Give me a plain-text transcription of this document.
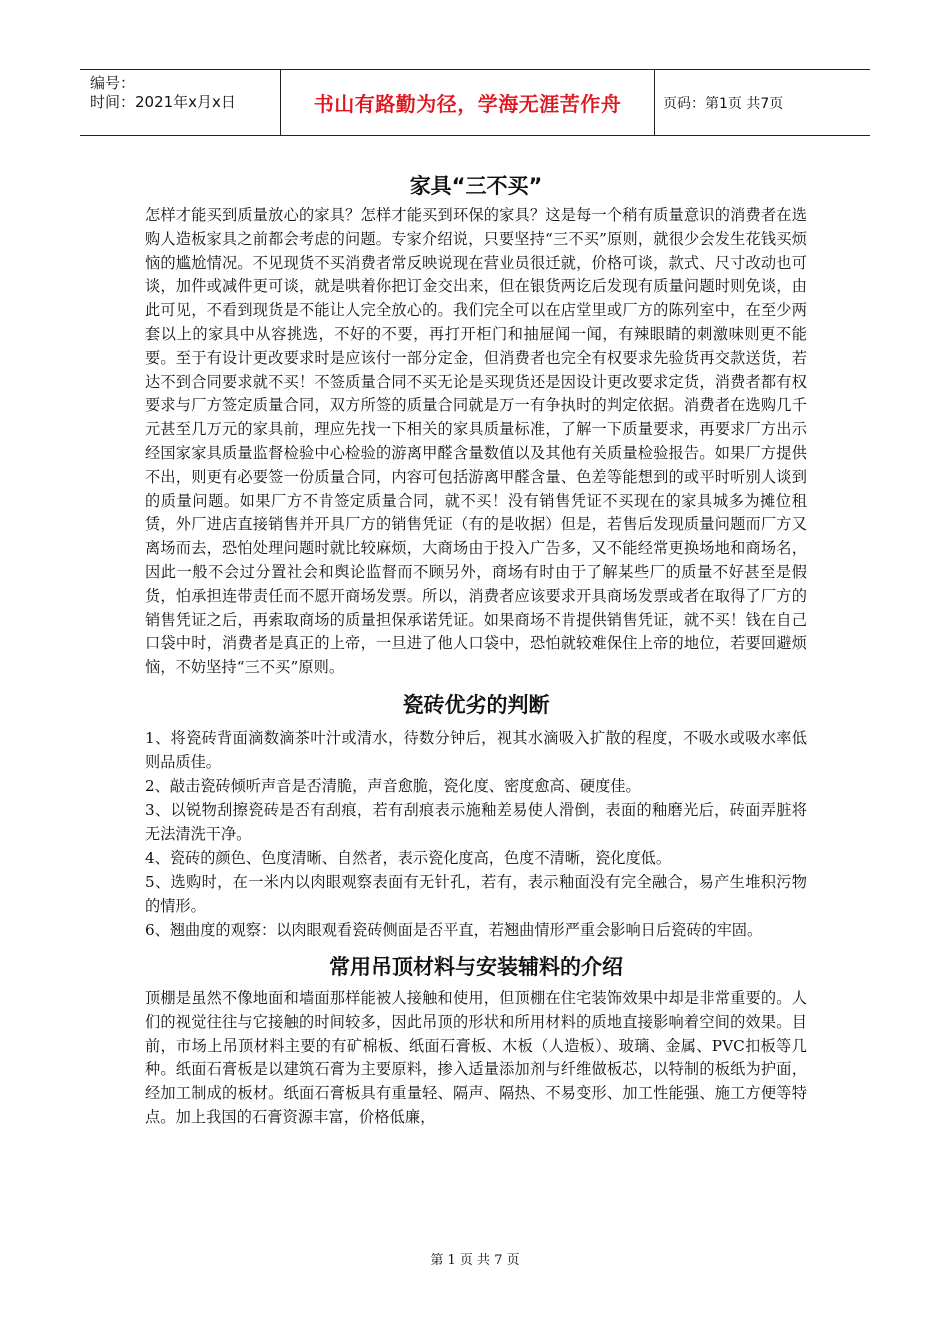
编号：
时间：2021年x月x日	书山有路勤为径，学海无涯苦作舟	页码：第1页 共7页
家具“三不买”

怎样才能买到质量放心的家具？怎样才能买到环保的家具？这是每一个稍有质量意识的消费者在选购人造板家具之前都会考虑的问题。专家介绍说，只要坚持“三不买”原则，就很少会发生花钱买烦恼的尴尬情况。不见现货不买消费者常反映说现在营业员很迁就，价格可谈，款式、尺寸改动也可谈，加件或减件更可谈，就是哄着你把订金交出来，但在银货两讫后发现有质量问题时则免谈，由此可见，不看到现货是不能让人完全放心的。我们完全可以在店堂里或厂方的陈列室中，在至少两套以上的家具中从容挑选，不好的不要，再打开柜门和抽屉闻一闻，有辣眼睛的刺激味则更不能要。至于有设计更改要求时是应该付一部分定金，但消费者也完全有权要求先验货再交款送货，若达不到合同要求就不买！不签质量合同不买无论是买现货还是因设计更改要求定货，消费者都有权要求与厂方签定质量合同，双方所签的质量合同就是万一有争执时的判定依据。消费者在选购几千元甚至几万元的家具前，理应先找一下相关的家具质量标准，了解一下质量要求，再要求厂方出示经国家家具质量监督检验中心检验的游离甲醛含量数值以及其他有关质量检验报告。如果厂方提供不出，则更有必要签一份质量合同，内容可包括游离甲醛含量、色差等能想到的或平时听别人谈到的质量问题。如果厂方不肯签定质量合同，就不买！没有销售凭证不买现在的家具城多为摊位租赁，外厂进店直接销售并开具厂方的销售凭证（有的是收据）但是，若售后发现质量问题而厂方又离场而去，恐怕处理问题时就比较麻烦，大商场由于投入广告多，又不能经常更换场地和商场名，因此一般不会过分置社会和舆论监督而不顾另外，商场有时由于了解某些厂的质量不好甚至是假货，怕承担连带责任而不愿开商场发票。所以，消费者应该要求开具商场发票或者在取得了厂方的销售凭证之后，再索取商场的质量担保承诺凭证。如果商场不肯提供销售凭证，就不买！钱在自己口袋中时，消费者是真正的上帝，一旦进了他人口袋中，恐怕就较难保住上帝的地位，若要回避烦恼，不妨坚持“三不买”原则。

瓷砖优劣的判断

1、将瓷砖背面滴数滴茶叶汁或清水，待数分钟后，视其水滴吸入扩散的程度，不吸水或吸水率低则品质佳。

2、敲击瓷砖倾听声音是否清脆，声音愈脆，瓷化度、密度愈高、硬度佳。

3、以锐物刮擦瓷砖是否有刮痕，若有刮痕表示施釉差易使人滑倒，表面的釉磨光后，砖面弄脏将无法清洗干净。

4、瓷砖的颜色、色度清晰、自然者，表示瓷化度高，色度不清晰，瓷化度低。

5、选购时，在一米内以肉眼观察表面有无针孔，若有，表示釉面没有完全融合，易产生堆积污物的情形。

6、翘曲度的观察：以肉眼观看瓷砖侧面是否平直，若翘曲情形严重会影响日后瓷砖的牢固。

常用吊顶材料与安装辅料的介绍

顶棚是虽然不像地面和墙面那样能被人接触和使用，但顶棚在住宅装饰效果中却是非常重要的。人们的视觉往往与它接触的时间较多，因此吊顶的形状和所用材料的质地直接影响着空间的效果。目前，市场上吊顶材料主要的有矿棉板、纸面石膏板、木板（人造板）、玻璃、金属、PVC扣板等几种。纸面石膏板是以建筑石膏为主要原料，掺入适量添加剂与纤维做板芯，以特制的板纸为护面，经加工制成的板材。纸面石膏板具有重量轻、隔声、隔热、不易变形、加工性能强、施工方便等特点。加上我国的石膏资源丰富，价格低廉，

第 1 页 共 7 页
